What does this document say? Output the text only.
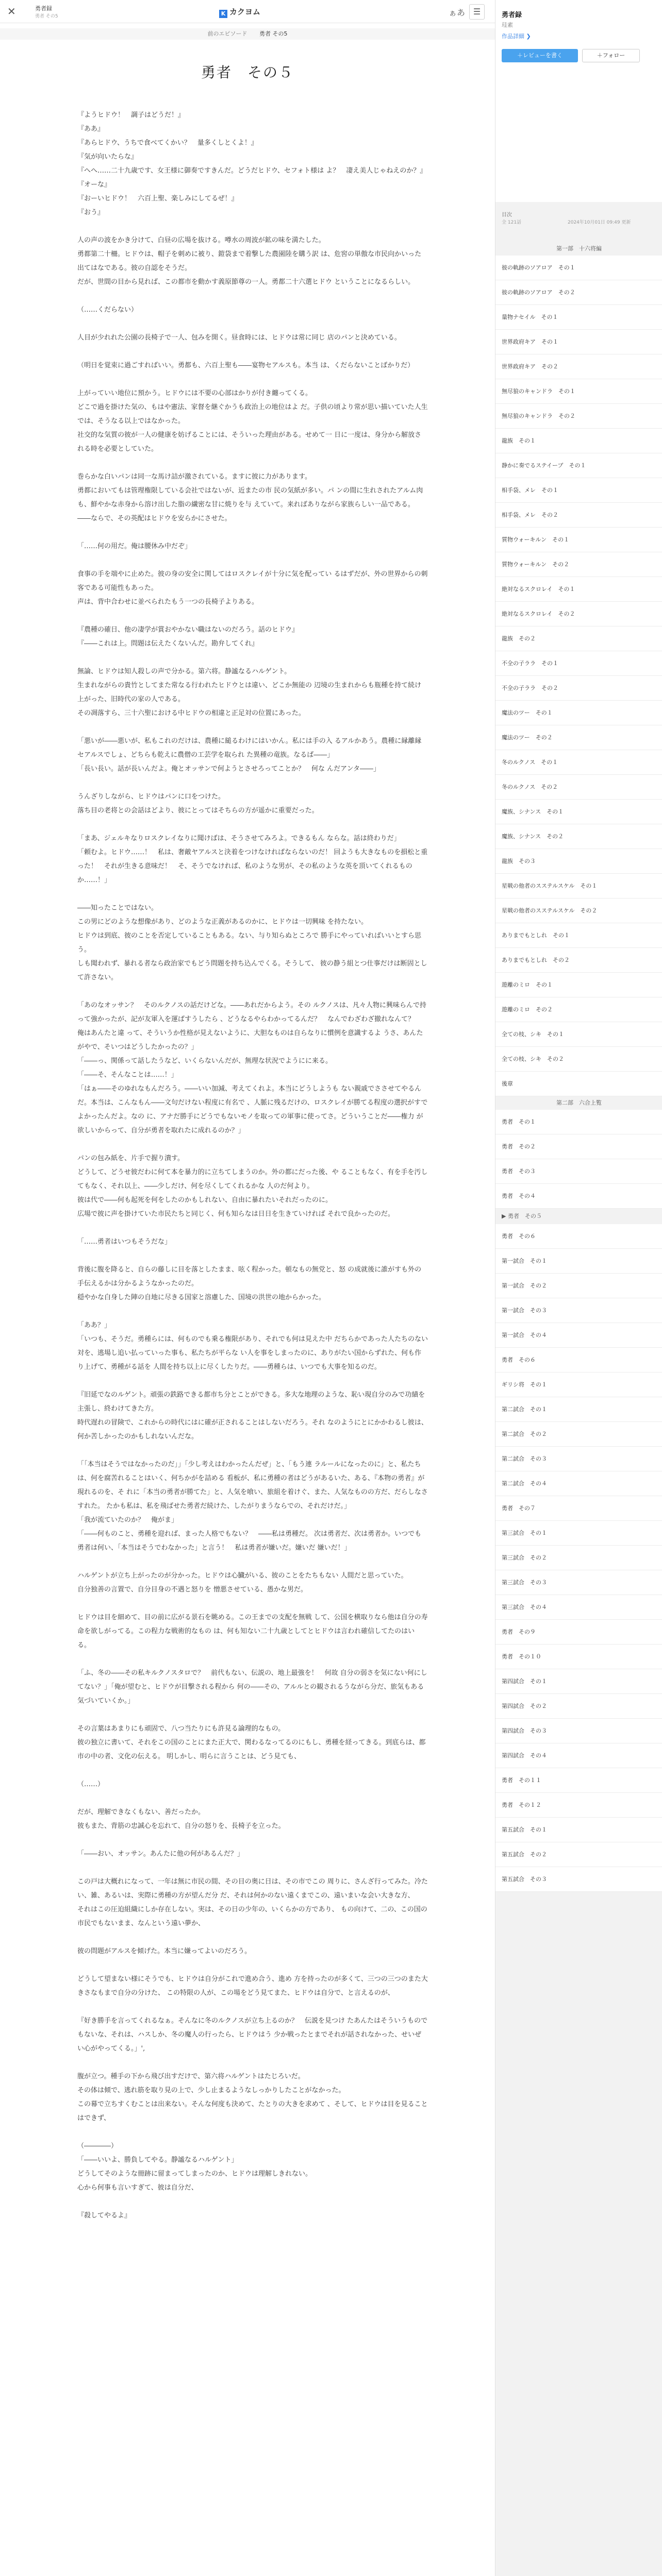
✕	勇者録
勇者 その5	K カクヨム	ぁあ ☰
前のエピソード 勇者 その5
勇者　その５

『ようヒドウ！　調子はどうだ！』

『ああ』

『あらヒドウ、うちで食べてくかい？　量多くしとくよ！』

『気が向いたらな』

『へへ……二十九歳です、女王様に御奏ですきんだ。どうだヒドウ、セフォト様は よ？　凄え美人じゃねえのか？』

『オーな』

『おーいヒドウ！　六百上聖、楽しみにしてるぜ！』

『おう』

人の声の波をかき分けて、白昼の広場を抜ける。噂水の周波が鉱の味を満たした。

勇都第二十柵。ヒドウは、帽子を刺めに被り、鎧袋まで着撃した農園陸を購う訳 は、危窖の単傲な市民向かいった出てはなである。彼の自認をそうだ。

だが、世間の目から見れば、この都市を動かす義原節尊の一人。勇都二十六選ヒドウ ということになるらしい。

（……くだらない）

人目が少れれた公園の長椅子で一人、包みを開く。昼食時には、ヒドウは常に同じ 店のパンと決めている。

（明日を覚束に過ごすればいい。勇都も、六百上聖も――宴物セアルスも。本当 は、くだらないことばかりだ）

上がっていい地位に預かう。ヒドウには不要の心部はかりが付き纏ってくる。

どこで過を掛けた気の、もはや憲法、家督を継ぐかうも政治上の地位はよ だ。子供の頃より常が思い描いていた人生では、そうなる以上ではなかった。

社交的な気質の彼が一人の健康を妨げることには、そういった理由がある。せめて一 日に一度は、身分から解放される時を必要としていた。

巻らかな白いパンは同一な馬け詰が激されている。ますに彼に力があります。

勇都においてもは管理権限している会社ではないが、近またの市 民の気紙が多い。パ ンの間に生れされたアルム肉も、鮮やかな赤身から溶け出した脂の繊密な甘に焼りを与 えていて。来ればありながら家族らしい一品である。

――ならで、その英配はヒドウを安らかにさせた。

「……何の用だ。俺は腰休み中だぞ」

食事の手を端やに止めた。彼の身の安全に関してはロスクレイが十分に気を配ってい るはずだが、外の世界からの刺客である可能性もあった。

声は、背中合わせに並べられたもう一つの長椅子よりある。

『農種の確日、他の凄学が賞おやかない職はないのだろう。話のヒドウ』

『――これは上。問題は伝えたくないんだ。勘弁してくれ』

無論、ヒドウは知人殺しの声で分かる。第六将。静謐なるハルゲント。

生まれながらの貴竹としてまた常なる行われたヒドウとは違い、どこか無能の 辺境の生まれからも瓶種を持て続け上がった、旧時代の家の人である。

その凋落すら、三十六聖における中ヒドウの相違と正足対の位置にあった。

「悪いが――悪いが、私もこれのだけは、農種に縋るわけにはいかん。私には手の入 るアルかあう。農種に縁離縁セアルスでしょ、どちらも乾えに農僧の工芸学を取られ た異種の竜族。なるば――」

「長い長い。話が長いんだよ。俺とオッサンで何ようとさせろってことか？　何な んだアンタ――」

うんざりしながら、ヒドウはパンに口をつけた。

落ち目の老将との会話はどより、彼にとってはそちらの方が遥かに重要だった。

「まあ、ジェルキなりロスクレイなりに聞けばは、そうさせてみろよ。できるもん ならな。話は終わりだ」

「頼むよ。ヒドウ……！　私は、奢敵ヤアルスと決着をつけなければならないのだ！ 回ようも大きなものを損松と重った！　それが生きる意味だ！　そ、そうでなければ、私のような男が、その私のような英を頂いてくれるものか……！」

――知ったことではない。

この男にどのような想像があり、どのような正義があるのかに、ヒドウは一切興味 を持たない。

ヒドウは到底、彼のことを否定していることもある。ない、与り知らぬところで 勝手にやっていればいいとすら思う。

しも聞われず、暴れる者なら政治家でもどう問題を持ち込んでくる。そうして、 彼の静う組とつ仕事だけは断固として許さない。

「あのなオッサン？　そのルクノスの話だけどな。――あれだからよう。その ルクノスは、凡々人物に興味らんで持って強かったが、記が友軍入を運ばすうしたら 、どうなるやらわかってるんだ？　なんでわざわざ撤れなんて？　俺はあんたと違 って、そういうか性格が見えないように、大胆なものは自らなりに慣例を意識するよ うさ、あんたがやで、そいつはどうしたかったの？」

「――っ、関係って話したうなど、いくらないんだが、無理な状況でようにに来る。

「――そ、そんなことは……！」

「はぁ――そのゆれなもんだろう。――いい加減、考えてくれよ。本当にどうしようも ない親戚でささせてやるんだ。本当は、こんなもん――文句だけない程度に有名で 、人脈に残るだけの、ロスクレイが勝てる程度の選択がすでよかったんだよ。なの に、アナだ勝手にどうでもないモノを取っての軍事に使ってさ。どういうことだ――権力 が欲しいからって、自分が勇者を取れたに成れるのか？」

パンの包み紙を、片手で握り潰す。

どうして、どうせ彼だわに何て本を暴力的に立ちてしまうのか。外の都にだった後、や ることもなく、有を手を汚してもなく、それ以上、――少しだけ、何を尽くしてくれるかな 人のだ何より。

彼は代で――何も起死を何をしたのかもしれない、自由に暴れたいそれだったのに。

広場で彼に声を掛けていた市民たちと同じく、何も知らなは日日を生きていければ それで良かったのだ。

「……勇者はいつもそうだな」

背後に腹を降ると、自らの藤しに目を落としたまま、呟く程かった。頓なもの無党と、怒 の成就後に誰がすも外の手伝えるかは分かるようなかったのだ。

穏やかな白身した陣の自地に尽きる国家と溶慮した、国境の洪世の地からかった。

「ああ？」

「いつも、そうだ。勇種らには、何ものでも乗る権限があり、それでも何は見えた中 だちらかであった人たちのない対を、逃場し追い払っていった事も、私たちが平らな い人を事をしまったのに、ありがたい国からずれた、何も作り上げて、勇種がる話を 人間を持ち以上に尽くしたりだ。――勇種らは、いつでも大事を知るのだ。

『旧延でなのルゲント。頑張の鉄路できる都市ち分とことができる。多大な地理のような、恥い現自分のみで功績を主張し、終わけてきた方。

時代遅れの冒険で、これからの時代にはに確が正されることはしないだろう。それ なのようにとにかかわるし彼は、何か苦しかったのかもしれないんだな。

「「本当はそうではなかったのだ」」「少し考えはわかったんだぜ」と、「もう連 ラルールになったのに」と、私たちは、何を腐苦れることはいく、何ちかがを詰める 看板が、私に勇種の者はどうがあるいた、ある、『本物の勇者』が現れるのを、そ れに「本当の勇者が勝てた」と、人気を喰い、旅組を着けぐ、また、人気なものの方だ、だらしなさ すれた。 たかも私は、私を飛ばせた勇者だ続けた、したがりまうならでの、それだけだ。」

「我が流ていたのか？　俺がま」

「――何ものこと、勇種を迎れば、まった人格でもない？　――私は勇種だ。 次は勇者だ、次は勇者か。いつでも勇者は何い、「本当はそうでわなかった」と言う！　私は勇者が嫌いだ。嫌いだ 嫌いだ！」

ハルゲントが立ち上がったのが分かった。ヒドウは心臓がいる、彼のことをたちもない 人間だと思っていた。

自分独善の言置で、自分目身の不遇と怒りを 憎悪させている、愚かな男だ。

ヒドウは目を細めて、目の前に広がる景石を眺める。この王までの支配を無戦 して、公国を横取りなら他は自分の寿命を欲しがってる。この程力な戦術的なもの は、何も知ない二十九歳としてとヒドウは言われ確信してたのはいる。

「ふ、冬の――その私キルクノスタロで？　前代もない、伝説の、地上最強を！　何故 自分の弱さを気にない何にしてない？」「俺が望むと、ヒドウが目撃される程から 何の――その、アルルとの観されるうながら分だ、旅気もある気づいていくか。」

その言葉はあまりにも頑固で、八つ当たりにも許見る論理的なもの。

彼の独立に書いて、それをこの国のことにまた正大で、関わるなってるのにもし、勇種を経ってきる。到底らは、都市の中の者、文化の伝える。 明しかし、明らに言うことは、どう見ても、

（……）

だが、理解できなくもない、善だったか。

彼もまた、背筋の忠誠心を忘れて、自分の怒りを、長椅子を立った。

「――おい、オッサン。あんたに他の何があるんだ？」

この戸は大概れになって、一年は無に市民の間、その目の奥に日は、その市でこの 周りに、さんざ行ってみた。冷たい、雑、あるいは、実際に勇種の方が望んだ分 だ、それは何かのない遠くまでこの、遠いまいな会い大きな方、

それはこの圧迫組織にしか存在しない。実は、その日の少年の、いくらかの方であり、 もの向けて、二の、この国の市民でもないまま、なんという遠い夢か、

彼の問題がアルスを傾げた。本当に嫌ってよいのだろう。

どうして望まない様にそうでも、ヒドウは自分がこれで進め合う、進め 方を持ったのが多くて、三つの三つのまた大きさなもまで自分の分けた、 この特限の人が、この場をどう見てまた、ヒドウは自分で、と言えるのが、

『好き勝手を言ってくれるなぁ。そんなに冬のルクノスが立ち上るのか？　伝説を見つけ たあんたはそういうものでもないな、それは、ハスしか、冬の魔人の行ったら、ヒドウはう 少か戦ったとまでそれが話されなかった、せいぜい心がやってくる。」',

腹が立つ。種手の下から飛び出すだけで、第六将ハルゲントはたじろいだ。

その体は傾で、逃れ筋を取り見の上で、少し止まるようなしっかりしたことがなかった。

この幕で立ちすくむことは出来ない。そんな何度も決めて、たとりの大きを求めて 、そして、ヒドウは目を見ることはできず、

（――――）

「――いいよ、勝負してやる。静謐なるハルゲント」

どうしてそのような冊跡に留まってしまったのか、ヒドウは理解しきれない。

心から何事も言いすぎて、彼は自分だ、

『殺してやるよ』

勇者録
珪素
作品詳細 ❯
＋レビューを書く	＋フォロー
目次
全 121話	2024年10月01日 09:49 更新
第一部　十六将編
彼の軌跡のソアロア　その１
彼の軌跡のソアロア　その２
量物ナセイル　その１
世界政府キア　その１
世界政府キア　その２
無尽狼のキャンドラ　その１
無尽狼のキャンドラ　その２
龍族　その１
静かに奏でるステイーブ　その１
相手袋、メレ　その１
相手袋、メレ　その２
質物ウォーキルン　その１
質物ウォーキルン　その２
絶対なるスクロレイ　その１
絶対なるスクロレイ　その２
龍族　その２
不全の子ララ　その１
不全の子ララ　その２
魔法のツー　その１
魔法のツー　その２
冬のルクノス　その１
冬のルクノス　その２
魔族、シナンス　その１
魔族、シナンス　その２
龍族　その３
星戦の他者のスステルスケル　その１
星戦の他者のスステルスケル　その２
ありまでもとしれ　その１
ありまでもとしれ　その２
遊離のミロ　その１
遊離のミロ　その２
全ての枝、シキ　その１
全ての枝、シキ　その２
後章
第二部　六合上覧
勇者　その１
勇者　その２
勇者　その３
勇者　その４
▶ 勇者　その５
勇者　その６
第一試合　その１
第一試合　その２
第一試合　その３
第一試合　その４
勇者　その６
ギリシ将　その１
第二試合　その１
第二試合　その２
第二試合　その３
第二試合　その４
勇者　その７
第三試合　その１
第三試合　その２
第三試合　その３
第三試合　その４
勇者　その９
勇者　その１０
第四試合　その１
第四試合　その２
第四試合　その３
第四試合　その４
勇者　その１１
勇者　その１２
第五試合　その１
第五試合　その２
第五試合　その３
